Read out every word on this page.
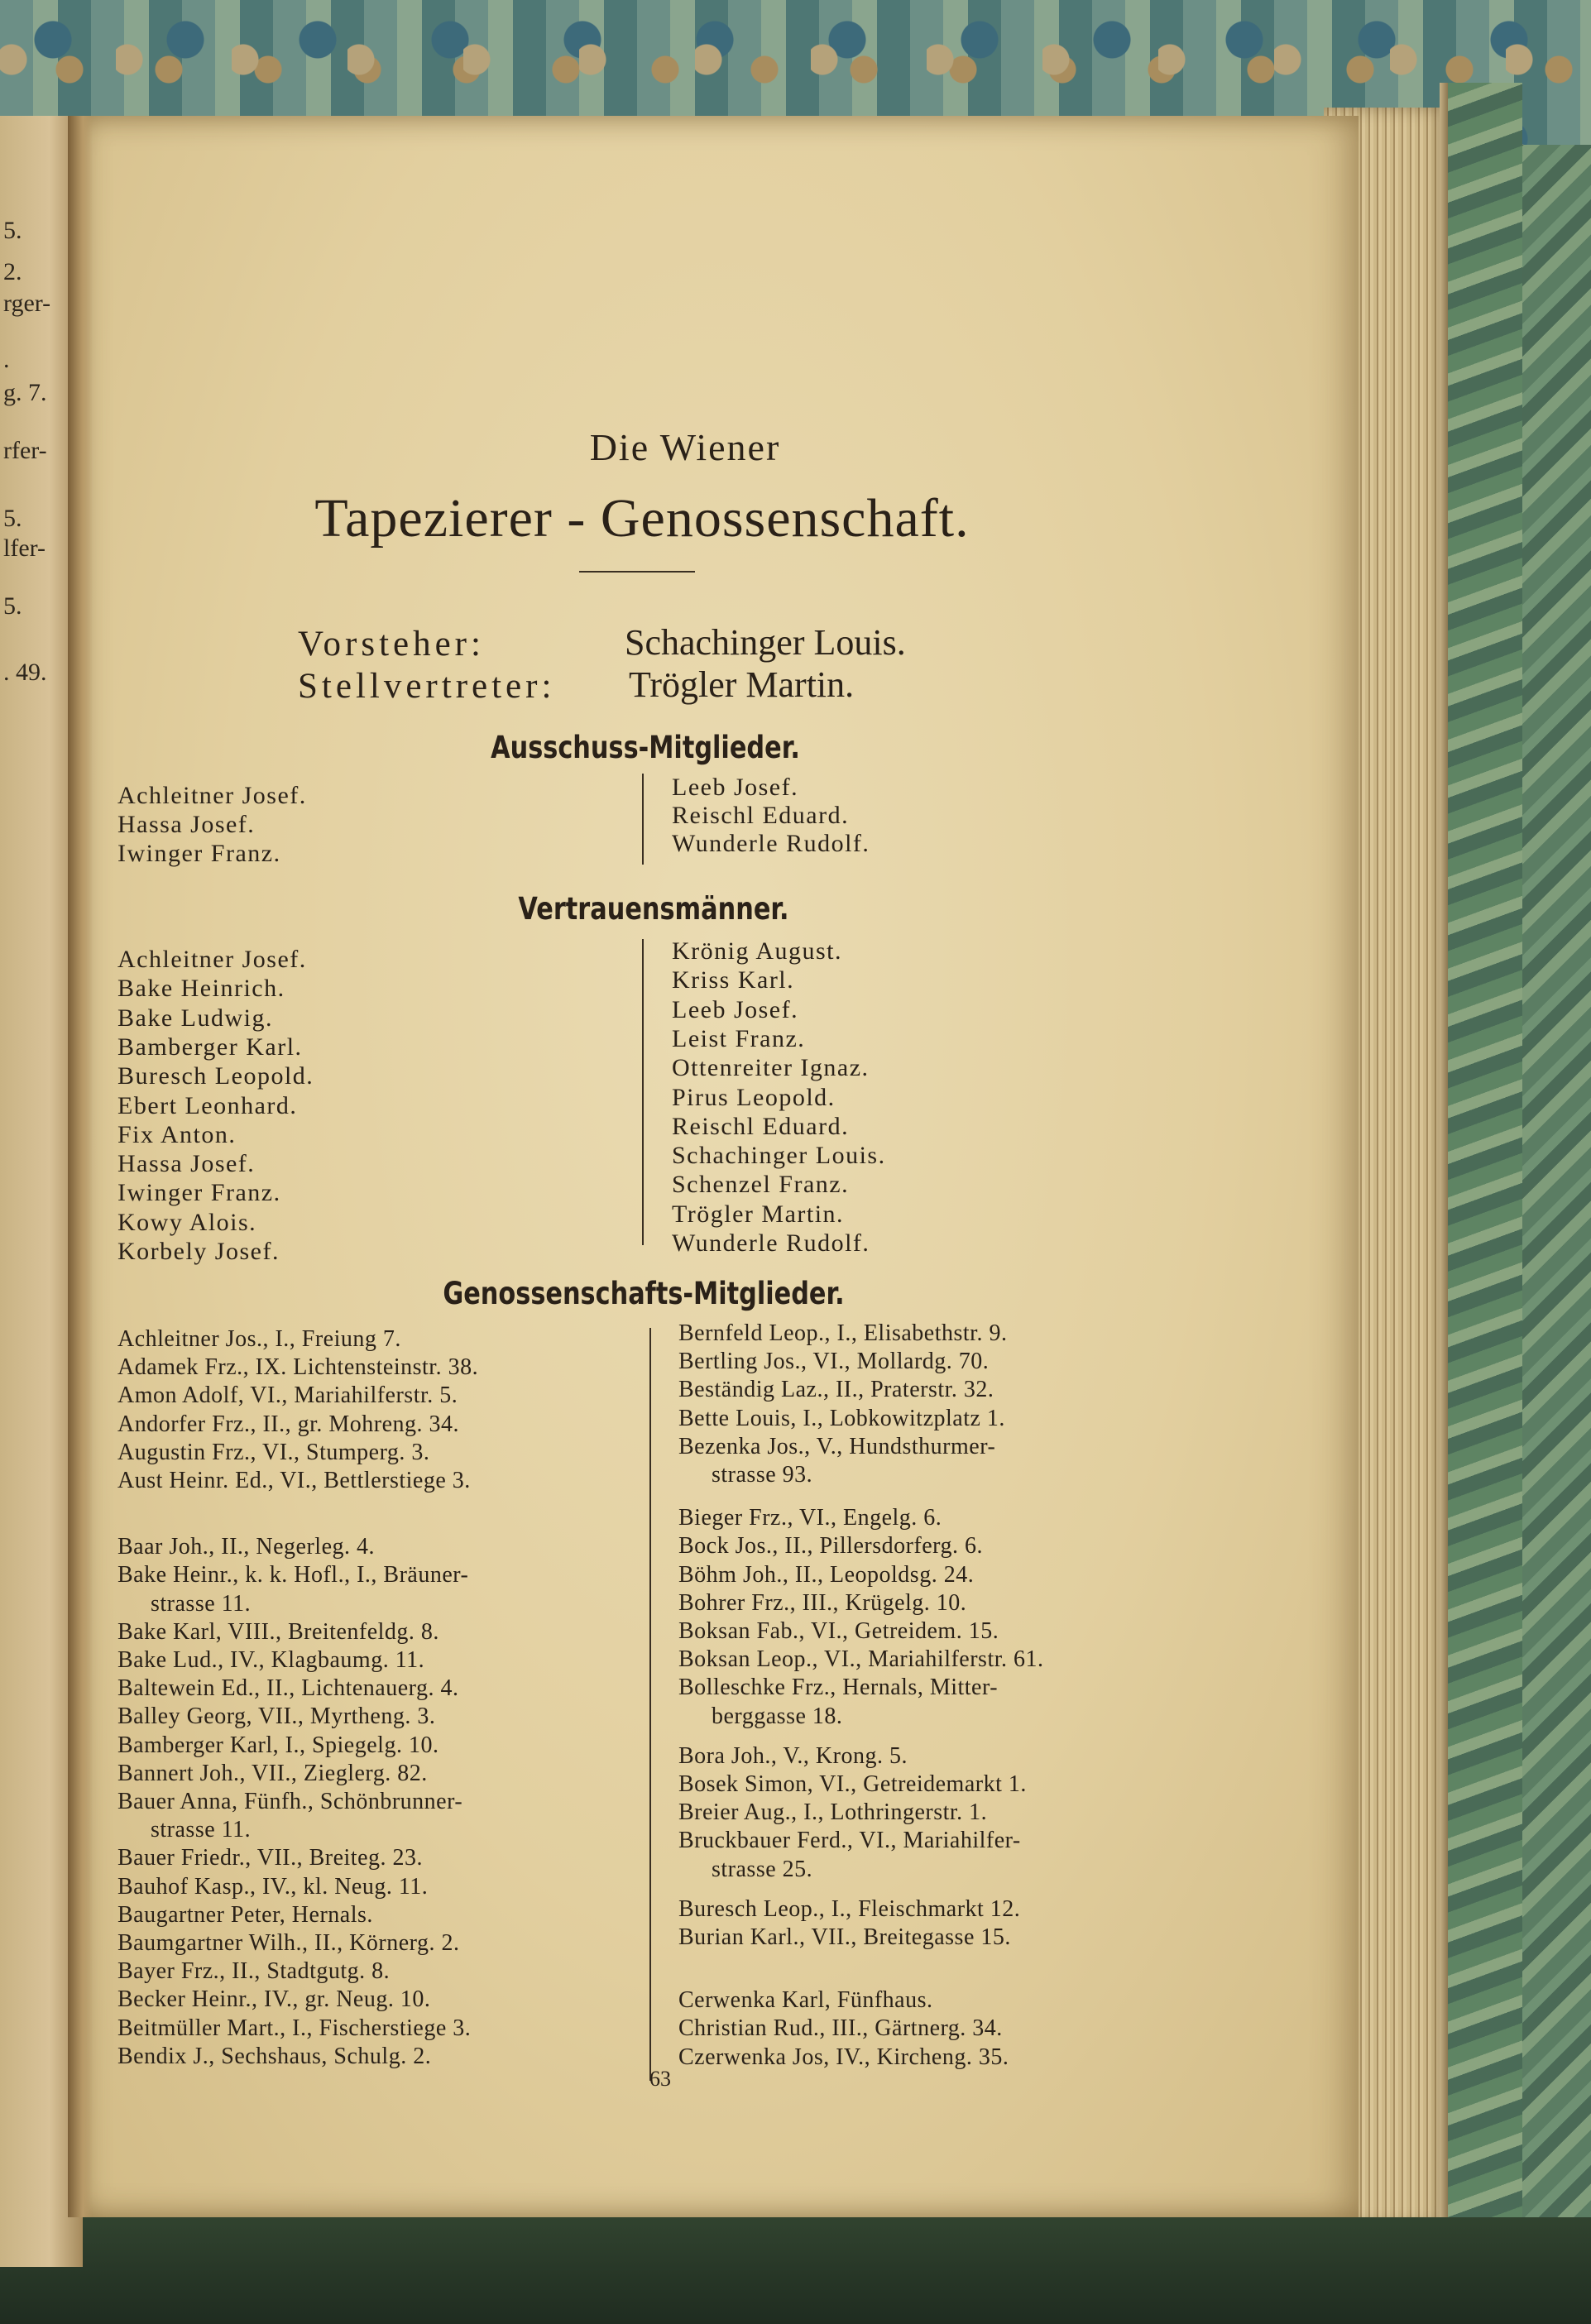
5.
2.
rger-
.
g. 7.
rfer-
5.
lfer-
5.
. 49.
Die Wiener
Tapezierer - Genossenschaft.
Vorsteher:	Schachinger Louis.
Stellvertreter: Trögler Martin.
Ausschuss-Mitglieder.
Achleitner Josef.
Hassa Josef.
Iwinger Franz.
Leeb Josef.
Reischl Eduard.
Wunderle Rudolf.
Vertrauensmänner.
Achleitner Josef.
Bake Heinrich.
Bake Ludwig.
Bamberger Karl.
Buresch Leopold.
Ebert Leonhard.
Fix Anton.
Hassa Josef.
Iwinger Franz.
Kowy Alois.
Korbely Josef.
Krönig August.
Kriss Karl.
Leeb Josef.
Leist Franz.
Ottenreiter Ignaz.
Pirus Leopold.
Reischl Eduard.
Schachinger Louis.
Schenzel Franz.
Trögler Martin.
Wunderle Rudolf.
Genossenschafts-Mitglieder.
Achleitner Jos., I., Freiung 7.
Adamek Frz., IX. Lichtensteinstr. 38.
Amon Adolf, VI., Mariahilferstr. 5.
Andorfer Frz., II., gr. Mohreng. 34.
Augustin Frz., VI., Stumperg. 3.
Aust Heinr. Ed., VI., Bettlerstiege 3.
Baar Joh., II., Negerleg. 4.
Bake Heinr., k. k. Hofl., I., Bräuner-
strasse 11.
Bake Karl, VIII., Breitenfeldg. 8.
Bake Lud., IV., Klagbaumg. 11.
Baltewein Ed., II., Lichtenauerg. 4.
Balley Georg, VII., Myrtheng. 3.
Bamberger Karl, I., Spiegelg. 10.
Bannert Joh., VII., Zieglerg. 82.
Bauer Anna, Fünfh., Schönbrunner-
strasse 11.
Bauer Friedr., VII., Breiteg. 23.
Bauhof Kasp., IV., kl. Neug. 11.
Baugartner Peter, Hernals.
Baumgartner Wilh., II., Körnerg. 2.
Bayer Frz., II., Stadtgutg. 8.
Becker Heinr., IV., gr. Neug. 10.
Beitmüller Mart., I., Fischerstiege 3.
Bendix J., Sechshaus, Schulg. 2.
Bernfeld Leop., I., Elisabethstr. 9.
Bertling Jos., VI., Mollardg. 70.
Beständig Laz., II., Praterstr. 32.
Bette Louis, I., Lobkowitzplatz 1.
Bezenka Jos., V., Hundsthurmer-
strasse 93.
Bieger Frz., VI., Engelg. 6.
Bock Jos., II., Pillersdorferg. 6.
Böhm Joh., II., Leopoldsg. 24.
Bohrer Frz., III., Krügelg. 10.
Boksan Fab., VI., Getreidem. 15.
Boksan Leop., VI., Mariahilferstr. 61.
Bolleschke Frz., Hernals, Mitter-
berggasse 18.
Bora Joh., V., Krong. 5.
Bosek Simon, VI., Getreidemarkt 1.
Breier Aug., I., Lothringerstr. 1.
Bruckbauer Ferd., VI., Mariahilfer-
strasse 25.
Buresch Leop., I., Fleischmarkt 12.
Burian Karl., VII., Breitegasse 15.
Cerwenka Karl, Fünfhaus.
Christian Rud., III., Gärtnerg. 34.
Czerwenka Jos, IV., Kircheng. 35.
63
